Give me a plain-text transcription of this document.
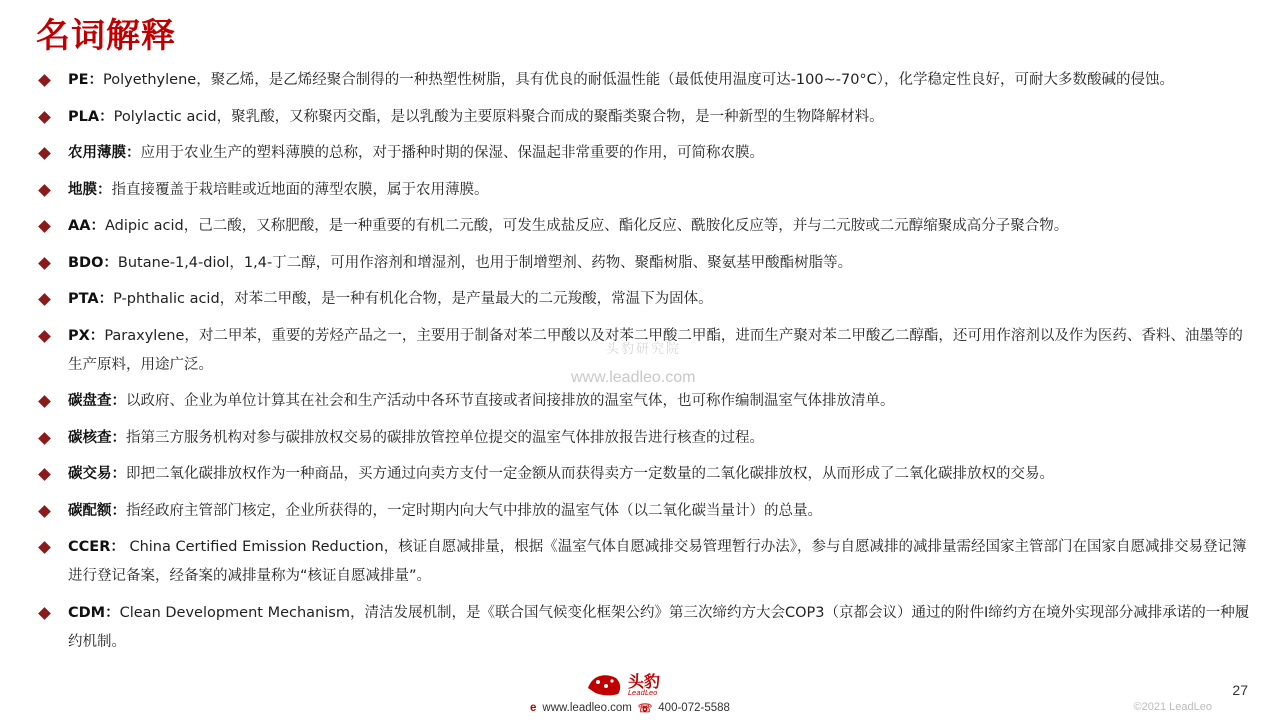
名词解释
PE：Polyethylene，聚乙烯，是乙烯经聚合制得的一种热塑性树脂，具有优良的耐低温性能（最低使用温度可达-100~-70°C），化学稳定性良好，可耐大多数酸碱的侵蚀。
PLA：Polylactic acid，聚乳酸，又称聚丙交酯，是以乳酸为主要原料聚合而成的聚酯类聚合物，是一种新型的生物降解材料。
农用薄膜：应用于农业生产的塑料薄膜的总称，对于播种时期的保湿、保温起非常重要的作用，可简称农膜。
地膜：指直接覆盖于栽培畦或近地面的薄型农膜，属于农用薄膜。
AA：Adipic acid，己二酸，又称肥酸，是一种重要的有机二元酸，可发生成盐反应、酯化反应、酰胺化反应等，并与二元胺或二元醇缩聚成高分子聚合物。
BDO：Butane-1,4-diol，1,4-丁二醇，可用作溶剂和增湿剂，也用于制增塑剂、药物、聚酯树脂、聚氨基甲酸酯树脂等。
PTA：P-phthalic acid，对苯二甲酸，是一种有机化合物，是产量最大的二元羧酸，常温下为固体。
PX：Paraxylene，对二甲苯，重要的芳烃产品之一，主要用于制备对苯二甲酸以及对苯二甲酸二甲酯，进而生产聚对苯二甲酸乙二醇酯，还可用作溶剂以及作为医药、香料、油墨等的生产原料，用途广泛。
碳盘查：以政府、企业为单位计算其在社会和生产活动中各环节直接或者间接排放的温室气体，也可称作编制温室气体排放清单。
碳核查：指第三方服务机构对参与碳排放权交易的碳排放管控单位提交的温室气体排放报告进行核查的过程。
碳交易：即把二氧化碳排放权作为一种商品，买方通过向卖方支付一定金额从而获得卖方一定数量的二氧化碳排放权，从而形成了二氧化碳排放权的交易。
碳配额：指经政府主管部门核定，企业所获得的，一定时期内向大气中排放的温室气体（以二氧化碳当量计）的总量。
CCER： China Certified Emission Reduction，核证自愿减排量，根据《温室气体自愿减排交易管理暂行办法》，参与自愿减排的减排量需经国家主管部门在国家自愿减排交易登记簿进行登记备案，经备案的减排量称为“核证自愿减排量”。
CDM：Clean Development Mechanism，清洁发展机制，是《联合国气候变化框架公约》第三次缔约方大会COP3（京都会议）通过的附件I缔约方在境外实现部分减排承诺的一种履约机制。
头豹研究院
www.leadleo.com
头豹
LeadLeo
e www.leadleo.com ☏ 400-072-5588
27
©2021 LeadLeo
